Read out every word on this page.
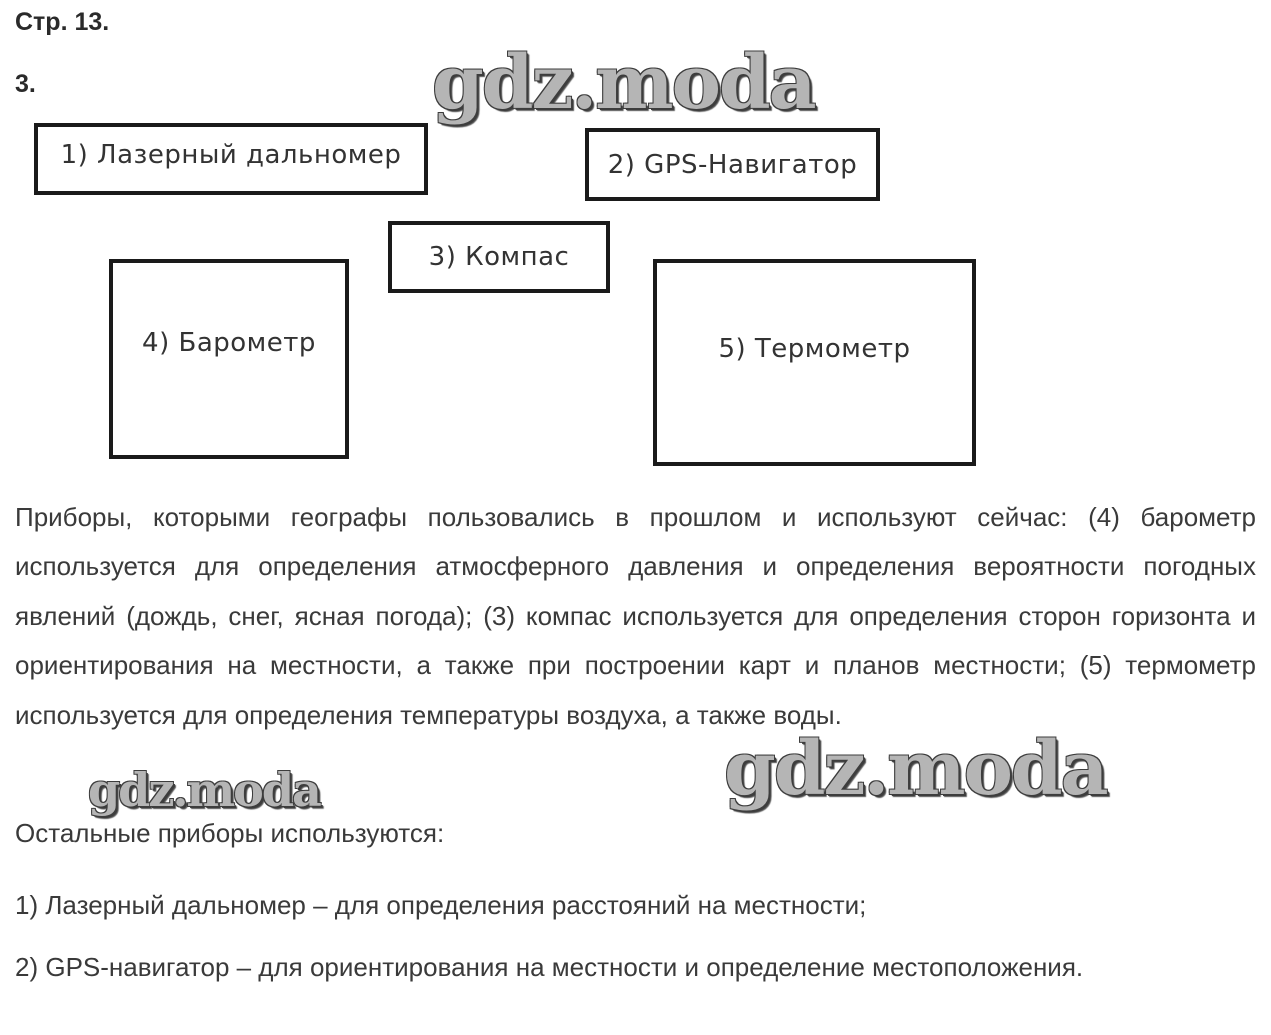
Стр. 13.
3.	gdz.moda
1) Лазерный дальномер	2) GPS-Навигатор
3) Компас
4) Барометр	5) Термометр
Приборы, которыми географы пользовались в прошлом и используют сейчас: (4) барометр используется для определения атмосферного давления и определения вероятности погодных явлений (дождь, снег, ясная погода); (3) компас используется для определения сторон горизонта и ориентирования на местности, а также при построении карт и планов местности; (5) термометр используется для определения температуры воздуха, а также воды.
gdz.moda	gdz.moda
Остальные приборы используются:
1) Лазерный дальномер – для определения расстояний на местности;
2) GPS-навигатор – для ориентирования на местности и определение местоположения.
